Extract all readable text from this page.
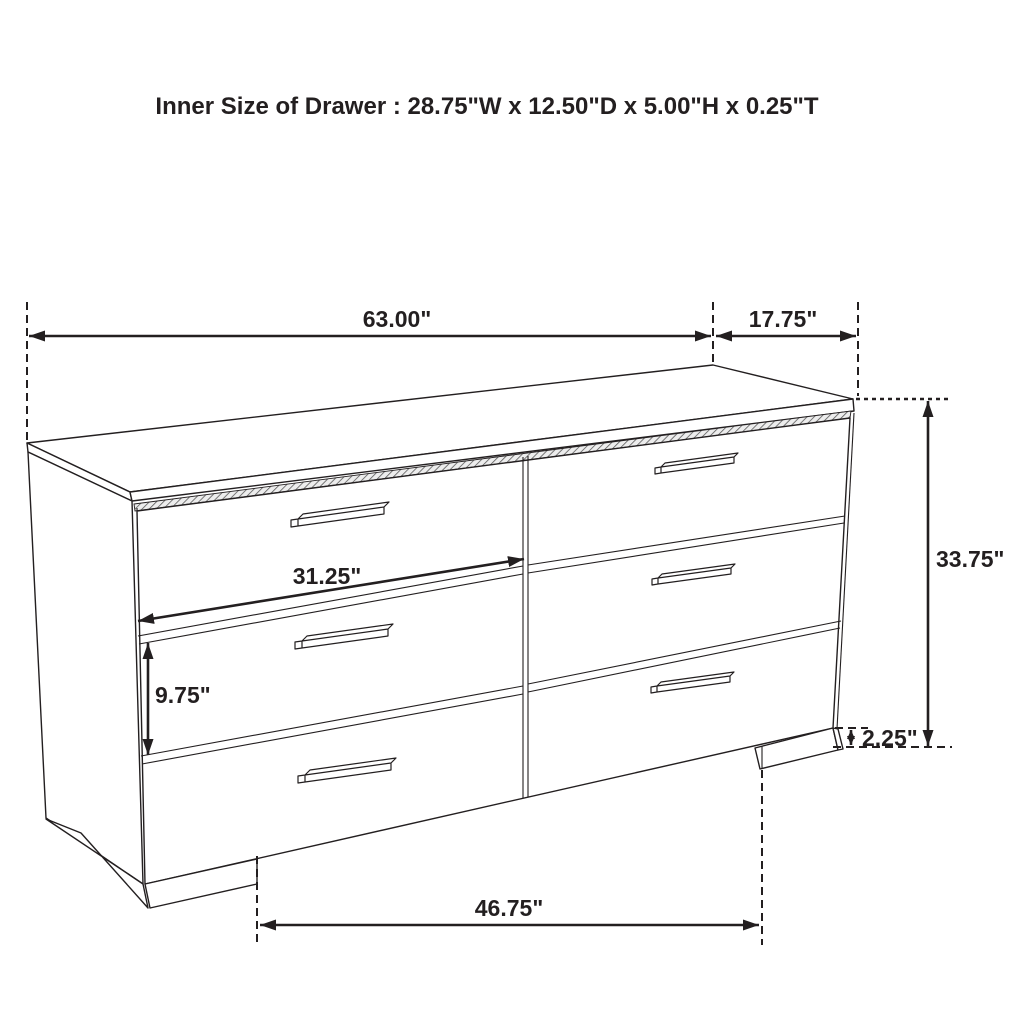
Inner Size of Drawer : 28.75"W x 12.50"D x 5.00"H x 0.25"T
63.00"	17.75"
33.75"
2.25"
31.25"
9.75"
46.75"
